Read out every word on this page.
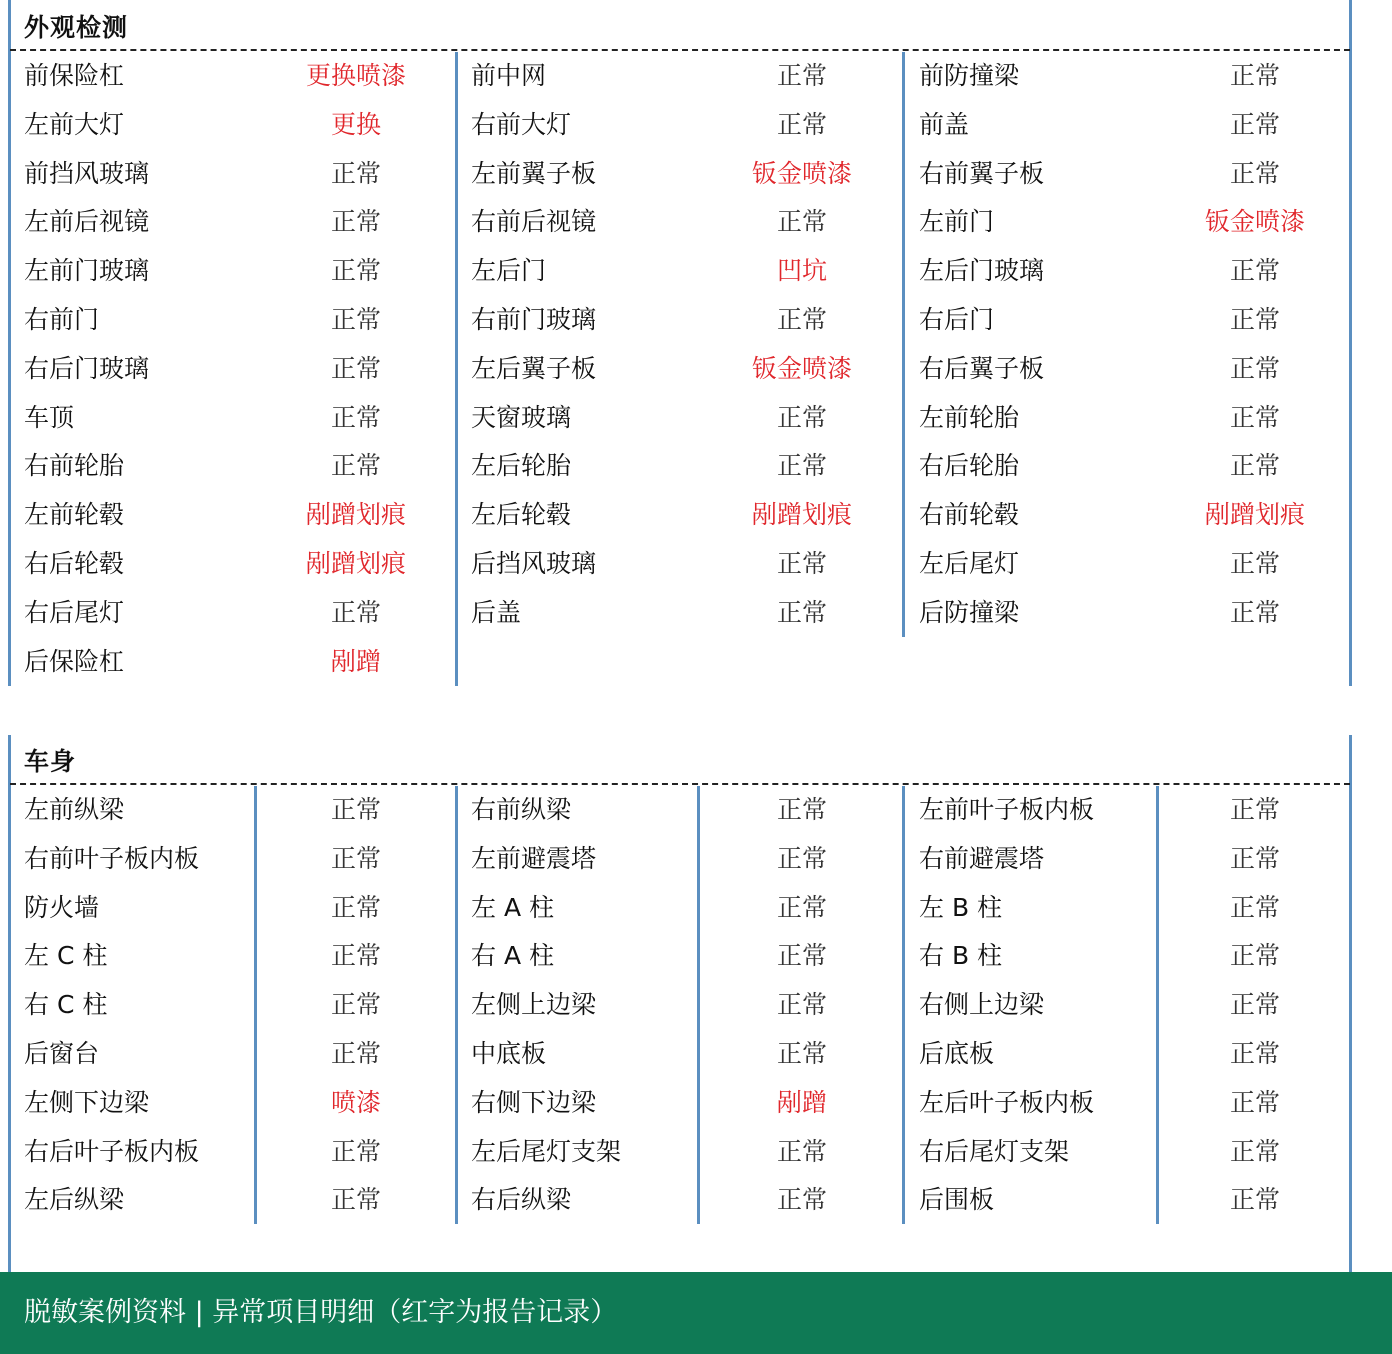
外观检测
前保险杠	更换喷漆
左前大灯	更换
前挡风玻璃	正常
左前后视镜	正常
左前门玻璃	正常
右前门	正常
右后门玻璃	正常
车顶	正常
右前轮胎	正常
左前轮毂	剐蹭划痕
右后轮毂	剐蹭划痕
右后尾灯	正常
后保险杠	剐蹭
前中网	正常
右前大灯	正常
左前翼子板	钣金喷漆
右前后视镜	正常
左后门	凹坑
右前门玻璃	正常
左后翼子板	钣金喷漆
天窗玻璃	正常
左后轮胎	正常
左后轮毂	剐蹭划痕
后挡风玻璃	正常
后盖	正常
前防撞梁	正常
前盖	正常
右前翼子板	正常
左前门	钣金喷漆
左后门玻璃	正常
右后门	正常
右后翼子板	正常
左前轮胎	正常
右后轮胎	正常
右前轮毂	剐蹭划痕
左后尾灯	正常
后防撞梁	正常
车身
左前纵梁	正常
右前叶子板内板	正常
防火墙	正常
左 C 柱	正常
右 C 柱	正常
后窗台	正常
左侧下边梁	喷漆
右后叶子板内板	正常
左后纵梁	正常
右前纵梁	正常
左前避震塔	正常
左 A 柱	正常
右 A 柱	正常
左侧上边梁	正常
中底板	正常
右侧下边梁	剐蹭
左后尾灯支架	正常
右后纵梁	正常
左前叶子板内板	正常
右前避震塔	正常
左 B 柱	正常
右 B 柱	正常
右侧上边梁	正常
后底板	正常
左后叶子板内板	正常
右后尾灯支架	正常
后围板	正常
脱敏案例资料 | 异常项目明细（红字为报告记录）
